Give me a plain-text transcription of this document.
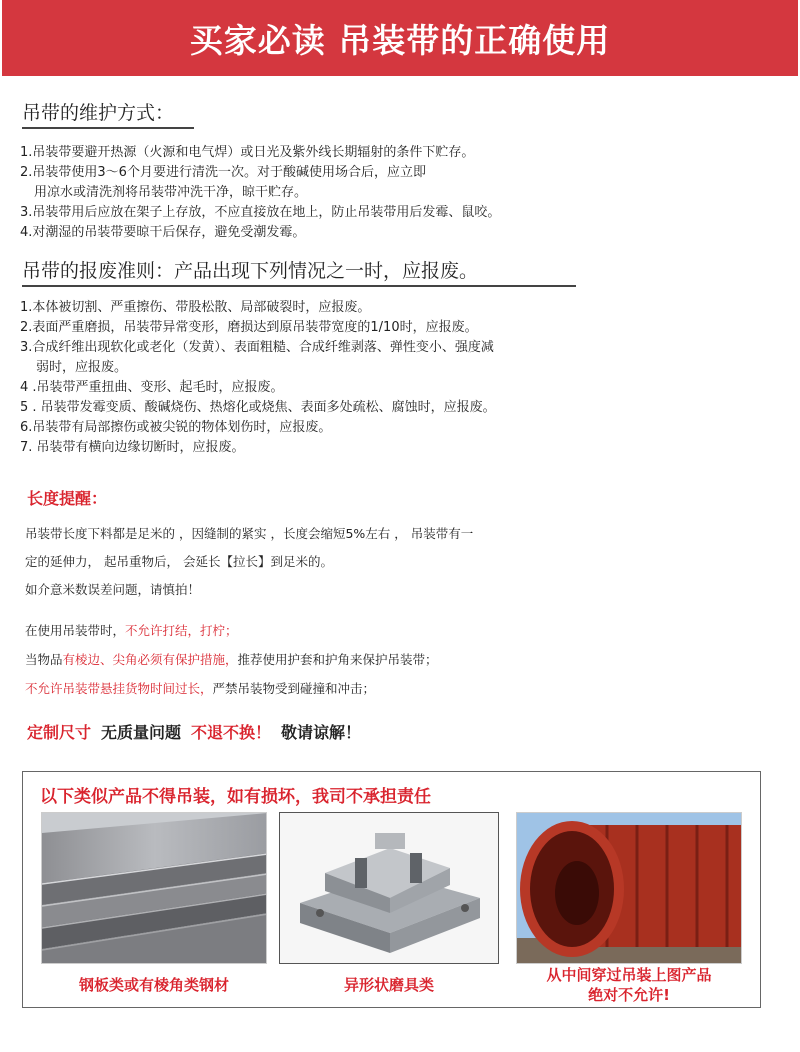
买家必读 吊装带的正确使用
吊带的维护方式：
1.吊装带要避开热源（火源和电气焊）或日光及紫外线长期辐射的条件下贮存。
2.吊装带使用3～6个月要进行清洗一次。对于酸碱使用场合后，应立即
用凉水或清洗剂将吊装带冲洗干净，晾干贮存。
3.吊装带用后应放在架子上存放，不应直接放在地上，防止吊装带用后发霉、鼠咬。
4.对潮湿的吊装带要晾干后保存，避免受潮发霉。
吊带的报废准则：产品出现下列情况之一时，应报废。
1.本体被切割、严重擦伤、带股松散、局部破裂时，应报废。
2.表面严重磨损，吊装带异常变形，磨损达到原吊装带宽度的1/10时，应报废。
3.合成纤维出现软化或老化（发黄）、表面粗糙、合成纤维剥落、弹性变小、强度减
弱时，应报废。
4 .吊装带严重扭曲、变形、起毛时，应报废。
5 . 吊装带发霉变质、酸碱烧伤、热熔化或烧焦、表面多处疏松、腐蚀时，应报废。
6.吊装带有局部擦伤或被尖锐的物体划伤时，应报废。
7. 吊装带有横向边缘切断时，应报废。
长度提醒：
吊装带长度下料都是足米的 ，因缝制的紧实 ，长度会缩短5%左右 ， 吊装带有一
定的延伸力， 起吊重物后， 会延长【拉长】到足米的。
如介意米数误差问题，请慎拍！
在使用吊装带时，不允许打结，打柠；
当物品有棱边、尖角必须有保护措施，推荐使用护套和护角来保护吊装带；
不允许吊装带悬挂货物时间过长，严禁吊装物受到碰撞和冲击；
定制尺寸 无质量问题 不退不换！ 敬请谅解！
以下类似产品不得吊装，如有损坏，我司不承担责任
钢板类或有棱角类钢材	异形状磨具类
从中间穿过吊装上图产品
绝对不允许!
